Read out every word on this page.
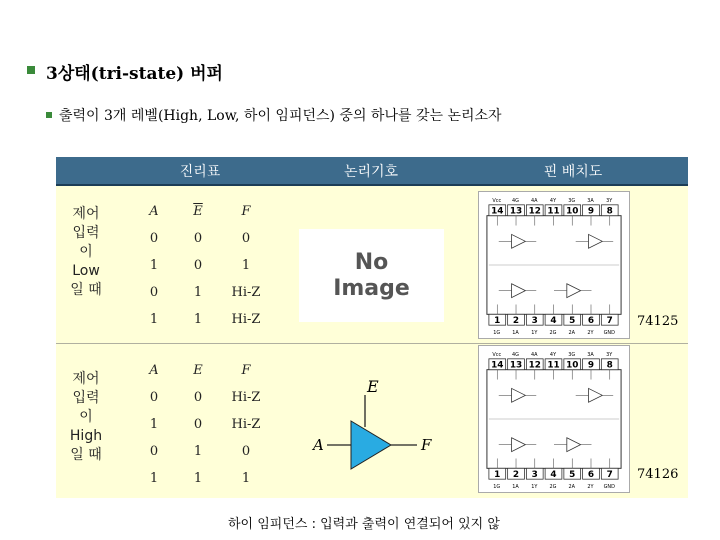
3상태(tri-state) 버퍼
출력이 3개 레벨(High, Low, 하이 임피던스) 중의 하나를 갖는 논리소자
진리표	논리기호	핀 배치도
제어
입력
이
Low
일 때
제어
입력
이
High
일 때
A	$\overline{E}$	F
0	0	0
1	0	1
0	1	Hi-Z
1	1	Hi-Z
A	E	F
0	0	Hi-Z
1	0	Hi-Z
0	1	0
1	1	1
No
Image
E
A	F
Vcc
14
1
1G
4G
13
2
1A
4A
12
3
1Y
4Y
11
4
2G
3G
10
5
2A
3A
9
6
2Y
3Y
8
7
GND
Vcc
14
1
1G
4G
13
2
1A
4A
12
3
1Y
4Y
11
4
2G
3G
10
5
2A
3A
9
6
2Y
3Y
8
7
GND
74125
74126
하이 임피던스 : 입력과 출력이 연결되어 있지 않
